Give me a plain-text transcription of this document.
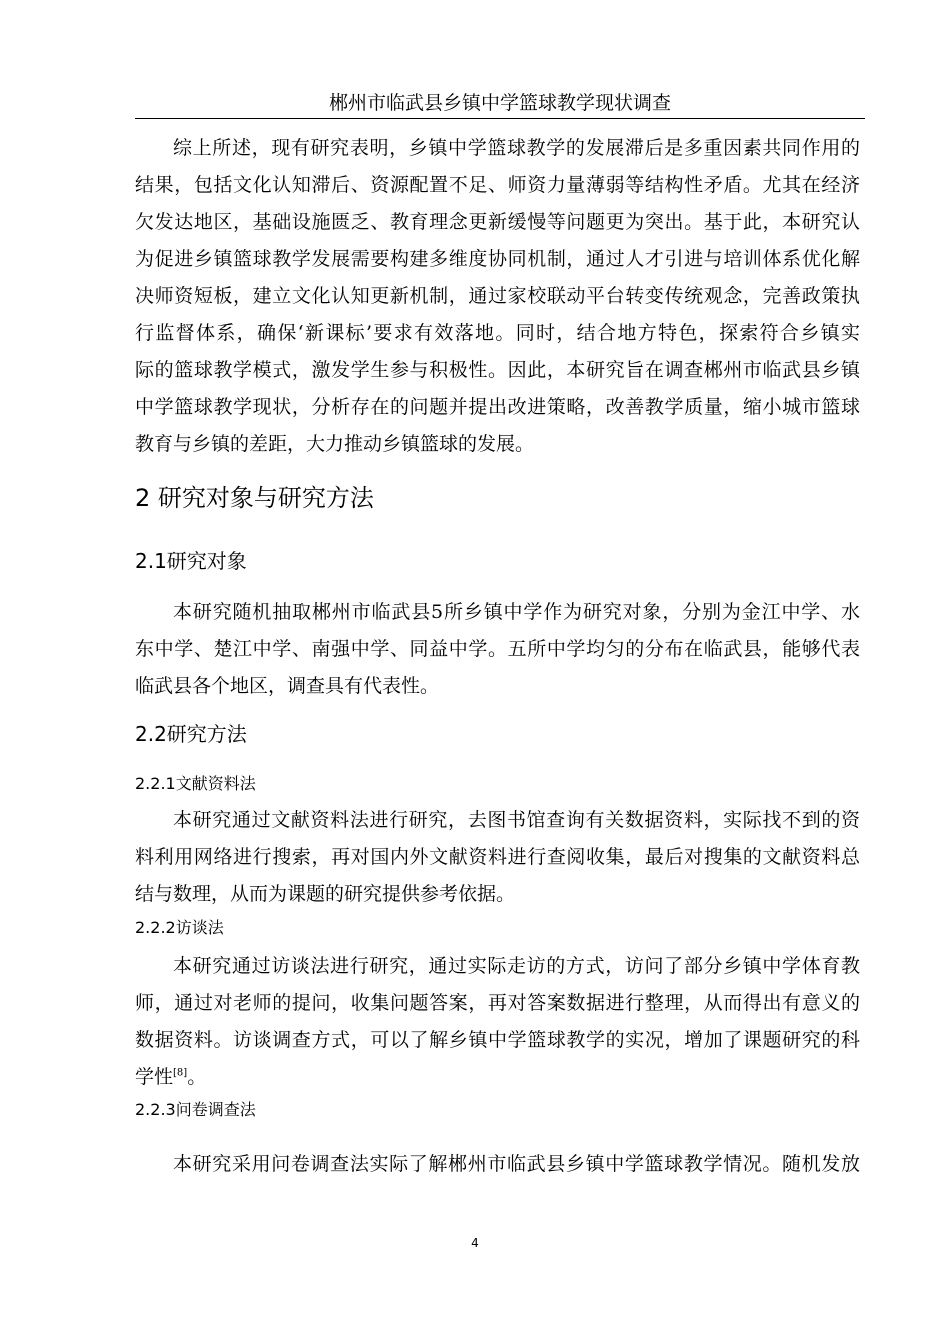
郴州市临武县乡镇中学篮球教学现状调查
综上所述，现有研究表明，乡镇中学篮球教学的发展滞后是多重因素共同作用的
结果，包括文化认知滞后、资源配置不足、师资力量薄弱等结构性矛盾。尤其在经济
欠发达地区，基础设施匮乏、教育理念更新缓慢等问题更为突出。基于此，本研究认
为促进乡镇篮球教学发展需要构建多维度协同机制，通过人才引进与培训体系优化解
决师资短板，建立文化认知更新机制，通过家校联动平台转变传统观念，完善政策执
行监督体系，确保‘新课标’要求有效落地。同时，结合地方特色，探索符合乡镇实
际的篮球教学模式，激发学生参与积极性。因此，本研究旨在调查郴州市临武县乡镇
中学篮球教学现状，分析存在的问题并提出改进策略，改善教学质量，缩小城市篮球
教育与乡镇的差距，大力推动乡镇篮球的发展。
2 研究对象与研究方法
2.1研究对象
本研究随机抽取郴州市临武县5所乡镇中学作为研究对象，分别为金江中学、水
东中学、楚江中学、南强中学、同益中学。五所中学均匀的分布在临武县，能够代表
临武县各个地区，调查具有代表性。
2.2研究方法
2.2.1文献资料法
本研究通过文献资料法进行研究，去图书馆查询有关数据资料，实际找不到的资
料利用网络进行搜索，再对国内外文献资料进行查阅收集，最后对搜集的文献资料总
结与数理，从而为课题的研究提供参考依据。
2.2.2访谈法
本研究通过访谈法进行研究，通过实际走访的方式，访问了部分乡镇中学体育教
师，通过对老师的提问，收集问题答案，再对答案数据进行整理，从而得出有意义的
数据资料。访谈调查方式，可以了解乡镇中学篮球教学的实况，增加了课题研究的科
学性[8]。
2.2.3问卷调查法
本研究采用问卷调查法实际了解郴州市临武县乡镇中学篮球教学情况。随机发放
4
